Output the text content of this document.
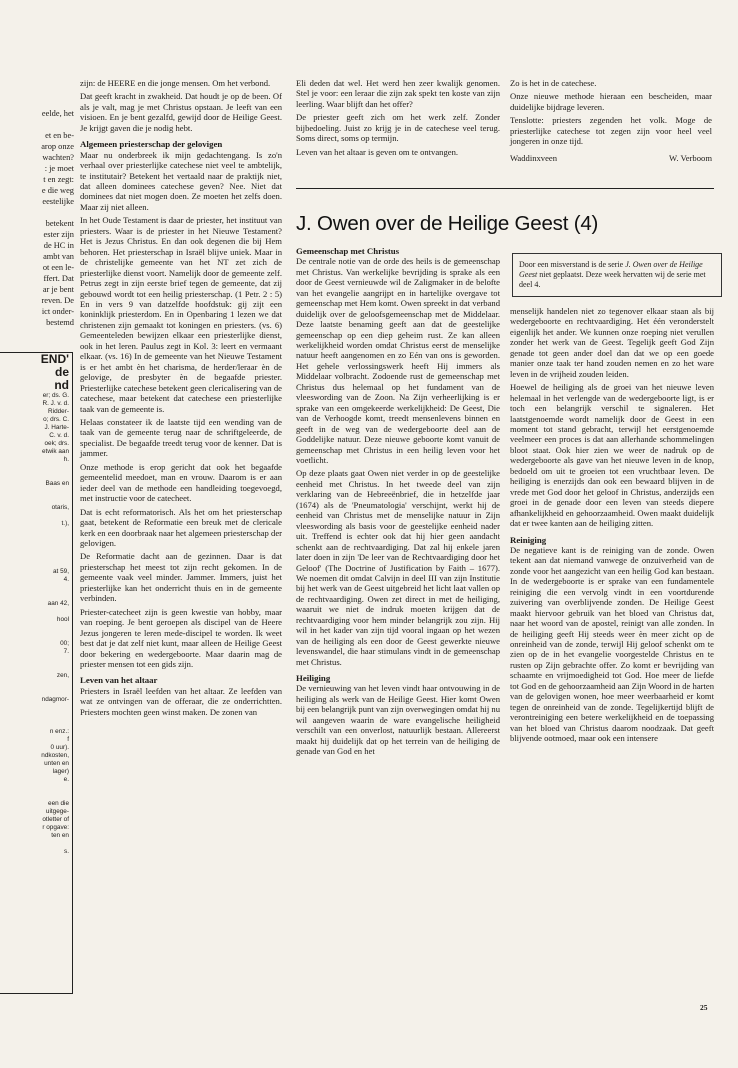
eelde, het

et en be-
arop onze
wachten?
: je moet
t en zegt:
e die weg
eestelijke

betekent
ester zijn
de HC in
ambt van
ot een le-
ffert. Dat
ar je bent
reven. De
ict onder-
bestemd
END'
de
nd
er; ds. G.
R. J. v. d.
Ridder-
o; drs. C.
J. Harte-
C. v. d.
oek; drs.
etwik aan
h.

Baas en

otaris,

t.),

at 59,
4.

aan 42,

hool

00;
7.

zen,

ndagmor-

n enz.:
f
0 uur).
ndkosten,
unten en
lager)
e.

een die
uitgege-
otletter of
r opgave:
ten en

s.

zijn: de HEERE en die jonge mensen. Om het verbond.

Dat geeft kracht in zwakheid. Dat houdt je op de been. Of als je valt, mag je met Christus opstaan. Je leeft van een visioen. En je bent gezalfd, gewijd door de Heilige Geest. Je krijgt gaven die je nodig hebt.

Algemeen priesterschap der gelovigen

Maar nu onderbreek ik mijn gedachtengang. Is zo'n verhaal over priesterlijke catechese niet veel te ambtelijk, te institutair? Betekent het vertaald naar de praktijk niet, dat alleen dominees catechese geven? Nee. Niet dat dominees dat niet mogen doen. Ze moeten het zelfs doen. Maar zij niet alleen.

In het Oude Testament is daar de priester, het instituut van priesters. Waar is de priester in het Nieuwe Testament? Het is Jezus Christus. En dan ook degenen die bij Hem behoren. Het priesterschap in Israël blijve uniek. Maar in de christelijke gemeente van het NT zet zich de priesterlijke dienst voort. Namelijk door de gemeente zelf. Petrus zegt in zijn eerste brief tegen de gemeente, dat zij gebouwd wordt tot een heilig priesterschap. (1 Petr. 2 : 5) En in vers 9 van datzelfde hoofdstuk: gij zijt een koninklijk priesterdom. En in Openbaring 1 lezen we dat christenen zijn gemaakt tot koningen en priesters. (vs. 6) Gemeenteleden bewijzen elkaar een priesterlijke dienst, ook in het leren. Paulus zegt in Kol. 3: leert en vermaant elkaar. (vs. 16) In de gemeente van het Nieuwe Testament is er het ambt èn het charisma, de herder/leraar èn de gelovige, de presbyter èn de begaafde priester. Priesterlijke catechese betekent geen clericalisering van de catechese, maar betekent dat catechese een priesterlijke taak van de gemeente is.

Helaas constateer ik de laatste tijd een wending van de taak van de gemeente terug naar de schriftgeleerde, de specialist. De begaafde treedt terug voor de kenner. Dat is jammer.

Onze methode is erop gericht dat ook het begaafde gemeentelid meedoet, man en vrouw. Daarom is er aan ieder deel van de methode een handleiding toegevoegd, met instructie voor de catecheet.

Dat is echt reformatorisch. Als het om het priesterschap gaat, betekent de Reformatie een breuk met de clericale kerk en een doorbraak naar het algemeen priesterschap der gelovigen.

De Reformatie dacht aan de gezinnen. Daar is dat priesterschap het meest tot zijn recht gekomen. In de gemeente vaak veel minder. Jammer. Immers, juist het priesterlijke kan het onderricht thuis en in de gemeente verbinden.

Priester-catecheet zijn is geen kwestie van hobby, maar van roeping. Je bent geroepen als discipel van de Heere Jezus jongeren te leren mede-discipel te worden. Ik weet best dat je dat zelf niet kunt, maar alleen de Heilige Geest door bekering en wedergeboorte. Maar daarin mag de priester mensen tot een gids zijn.

Leven van het altaar

Priesters in Israël leefden van het altaar. Ze leefden van wat ze ontvingen van de offeraar, die ze onderrichtten. Priesters mochten geen winst maken. De zonen van

Eli deden dat wel. Het werd hen zeer kwalijk genomen. Stel je voor: een leraar die zijn zak spekt ten koste van zijn leerling. Waar blijft dan het offer?

De priester geeft zich om het werk zelf. Zonder bijbedoeling. Juist zo krijg je in de catechese veel terug. Soms direct, soms op termijn.

Leven van het altaar is geven om te ontvangen.

Zo is het in de catechese.

Onze nieuwe methode hieraan een bescheiden, maar duidelijke bijdrage leveren.

Tenslotte: priesters zegenden het volk. Moge de priesterlijke catechese tot zegen zijn voor heel veel jongeren in onze tijd.

Waddinxveen	W. Verboom
J. Owen over de Heilige Geest (4)
Gemeenschap met Christus

De centrale notie van de orde des heils is de gemeenschap met Christus. Van werkelijke bevrijding is sprake als een door de Geest vernieuwde wil de Zaligmaker in de belofte van het evangelie aangrijpt en in hartelijke overgave tot gemeenschap met Hem komt. Owen spreekt in dat verband duidelijk over de geloofsgemeenschap met de Middelaar. Deze laatste benaming geeft aan dat de geestelijke gemeenschap op een diep geheim rust. Ze kan alleen werkelijkheid worden omdat Christus eerst de menselijke natuur heeft aangenomen en zo Eén van ons is geworden. Het gehele verlossingswerk heeft Hij immers als Middelaar volbracht. Zodoende rust de gemeenschap met Christus dus helemaal op het fundament van de vleeswording van de Zoon. Na Zijn verheerlijking is er sprake van een omgekeerde werkelijkheid: De Geest, Die van de Verhoogde komt, treedt mensenlevens binnen en geeft in de weg van de wedergeboorte deel aan de Goddelijke natuur. Deze nieuwe geboorte komt vanuit de gemeenschap met Christus in een heilig leven voor het voetlicht.

Op deze plaats gaat Owen niet verder in op de geestelijke eenheid met Christus. In het tweede deel van zijn verklaring van de Hebreeënbrief, die in hetzelfde jaar (1674) als de 'Pneumatologia' verschijnt, werkt hij de eenheid van Christus met de menselijke natuur in Zijn vleeswording als basis voor de geestelijke eenheid nader uit. Treffend is echter ook dat hij hier geen aandacht schenkt aan de rechtvaardiging. Dat zal hij enkele jaren later doen in zijn 'De leer van de Rechtvaardiging door het Geloof' (The Doctrine of Justification by Faith – 1677). We noemen dit omdat Calvijn in deel III van zijn Institutie bij het werk van de Geest uitgebreid het licht laat vallen op de rechtvaardiging. Owen zet direct in met de heiliging, waaruit we niet de indruk moeten krijgen dat de rechtvaardiging voor hem minder belangrijk zou zijn. Hij wil in het kader van zijn tijd vooral ingaan op het wezen van de heiliging als een door de Geest gewerkte nieuwe levenswandel, die haar stimulans vindt in de gemeenschap met Christus.

Heiliging

De vernieuwing van het leven vindt haar ontvouwing in de heiliging als werk van de Heilige Geest. Hier komt Owen bij een belangrijk punt van zijn overwegingen omdat hij nu wil aangeven waarin de ware evangelische heiligheid verschilt van een onverlost, natuurlijk bestaan. Allereerst maakt hij duidelijk dat op het terrein van de heiliging de genade van God en het

Door een misverstand is de serie J. Owen over de Heilige Geest niet geplaatst. Deze week hervatten wij de serie met deel 4.

menselijk handelen niet zo tegenover elkaar staan als bij wedergeboorte en rechtvaardiging. Het één veronderstelt eigenlijk het ander. We kunnen onze roeping niet verullen zonder het werk van de Geest. Tegelijk geeft God Zijn genade tot geen ander doel dan dat we op een goede manier onze taak ter hand zouden nemen en zo het ware leven in de vrijheid zouden leiden.

Hoewel de heiliging als de groei van het nieuwe leven helemaal in het verlengde van de wedergeboorte ligt, is er toch een belangrijk verschil te signaleren. Het laatstgenoemde wordt namelijk door de Geest in een moment tot stand gebracht, terwijl het eerstgenoemde veelmeer een proces is dat aan allerhande schommelingen bloot staat. Ook hier zien we weer de nadruk op de wedergeboorte als gave van het nieuwe leven in de knop, bedoeld om uit te groeien tot een vruchtbaar leven. De heiliging is enerzijds dan ook een bewaard blijven in de vrede met God door het geloof in Christus, anderzijds een groei in de genade door een leven van steeds diepere afhankelijkheid en gehoorzaamheid. Owen maakt duidelijk dat er twee kanten aan de heiliging zitten.

Reiniging

De negatieve kant is de reiniging van de zonde. Owen tekent aan dat niemand vanwege de onzuiverheid van de zonde voor het aangezicht van een heilig God kan bestaan. In de wedergeboorte is er sprake van een fundamentele reiniging die een vervolg vindt in een voortdurende zuivering van overblijvende zonden. De Heilige Geest maakt hiervoor gebruik van het bloed van Christus dat, naar het woord van de apostel, reinigt van alle zonden. In de heiliging geeft Hij steeds weer èn meer zicht op de onreinheid van de zonde, terwijl Hij geloof schenkt om te zien op de in het evangelie voorgestelde Christus en te rusten op Zijn gebrachte offer. Zo komt er bevrijding van schaamte en vrijmoedigheid tot God. Hoe meer de liefde tot God en de gehoorzaamheid aan Zijn Woord in de harten van de gelovigen wonen, hoe meer weerbaarheid er komt tegen de onreinheid van de zonde. Tegelijkertijd blijft de verontreiniging een betere werkelijkheid en de toepassing van het bloed van Christus daarom noodzaak. Dat geeft blijvende ootmoed, maar ook een intensere

25
